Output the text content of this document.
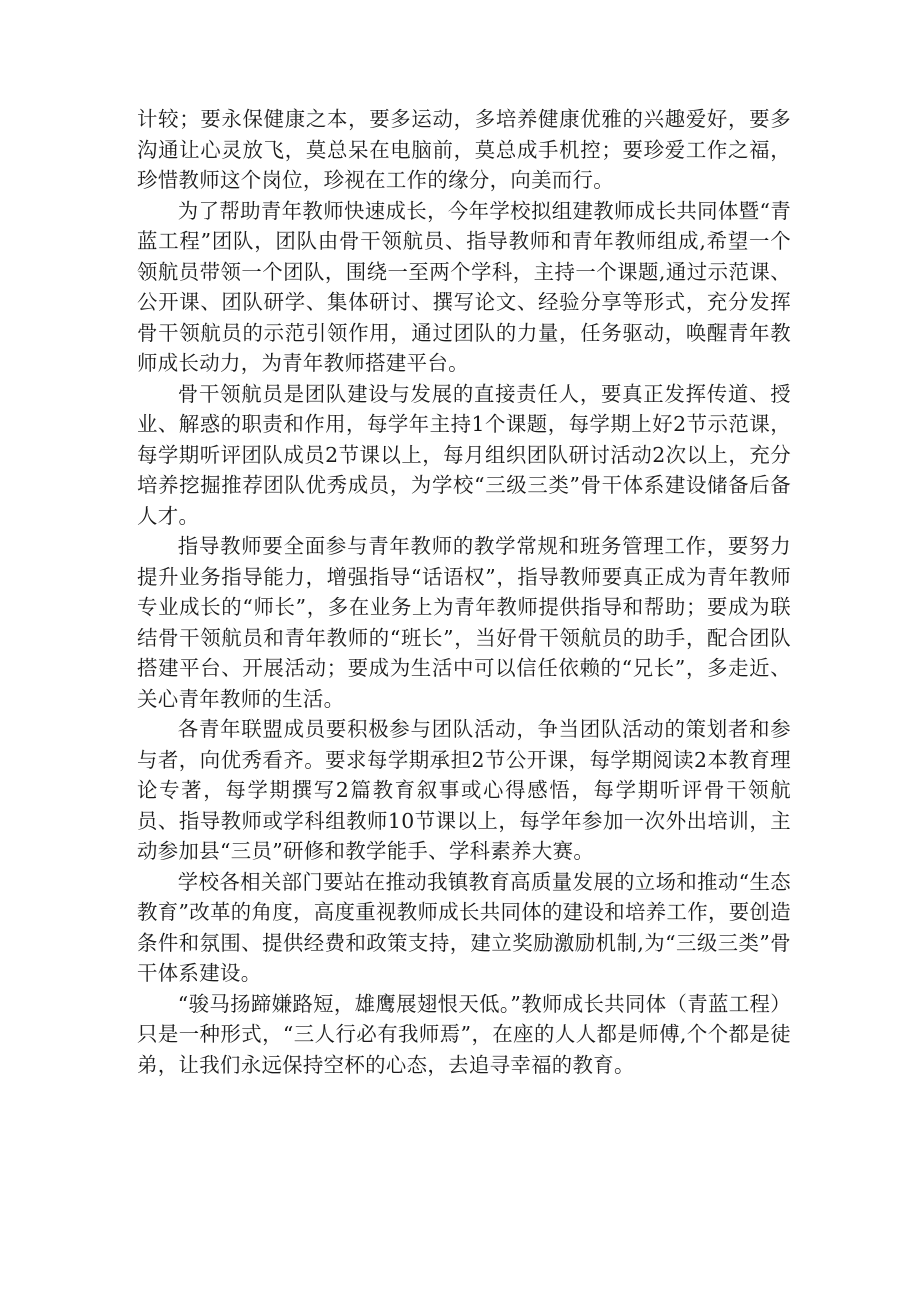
计较；要永保健康之本，要多运动，多培养健康优雅的兴趣爱好，要多沟通让心灵放飞，莫总呆在电脑前，莫总成手机控；要珍爱工作之福，珍惜教师这个岗位，珍视在工作的缘分，向美而行。

为了帮助青年教师快速成长，今年学校拟组建教师成长共同体暨“青蓝工程”团队，团队由骨干领航员、指导教师和青年教师组成,希望一个领航员带领一个团队，围绕一至两个学科，主持一个课题,通过示范课、公开课、团队研学、集体研讨、撰写论文、经验分享等形式，充分发挥骨干领航员的示范引领作用，通过团队的力量，任务驱动，唤醒青年教师成长动力，为青年教师搭建平台。

骨干领航员是团队建设与发展的直接责任人，要真正发挥传道、授业、解惑的职责和作用，每学年主持1个课题，每学期上好2节示范课，每学期听评团队成员2节课以上，每月组织团队研讨活动2次以上，充分培养挖掘推荐团队优秀成员，为学校“三级三类”骨干体系建设储备后备人才。

指导教师要全面参与青年教师的教学常规和班务管理工作，要努力提升业务指导能力，增强指导“话语权”，指导教师要真正成为青年教师专业成长的“师长”，多在业务上为青年教师提供指导和帮助；要成为联结骨干领航员和青年教师的“班长”，当好骨干领航员的助手，配合团队搭建平台、开展活动；要成为生活中可以信任依赖的“兄长”，多走近、关心青年教师的生活。

各青年联盟成员要积极参与团队活动，争当团队活动的策划者和参与者，向优秀看齐。要求每学期承担2节公开课，每学期阅读2本教育理论专著，每学期撰写2篇教育叙事或心得感悟，每学期听评骨干领航员、指导教师或学科组教师10节课以上，每学年参加一次外出培训，主动参加县“三员”研修和教学能手、学科素养大赛。

学校各相关部门要站在推动我镇教育高质量发展的立场和推动“生态教育”改革的角度，高度重视教师成长共同体的建设和培养工作，要创造条件和氛围、提供经费和政策支持，建立奖励激励机制,为“三级三类”骨干体系建设。

“骏马扬蹄嫌路短，雄鹰展翅恨天低。”教师成长共同体（青蓝工程）只是一种形式，“三人行必有我师焉”，在座的人人都是师傅,个个都是徒弟，让我们永远保持空杯的心态，去追寻幸福的教育。
